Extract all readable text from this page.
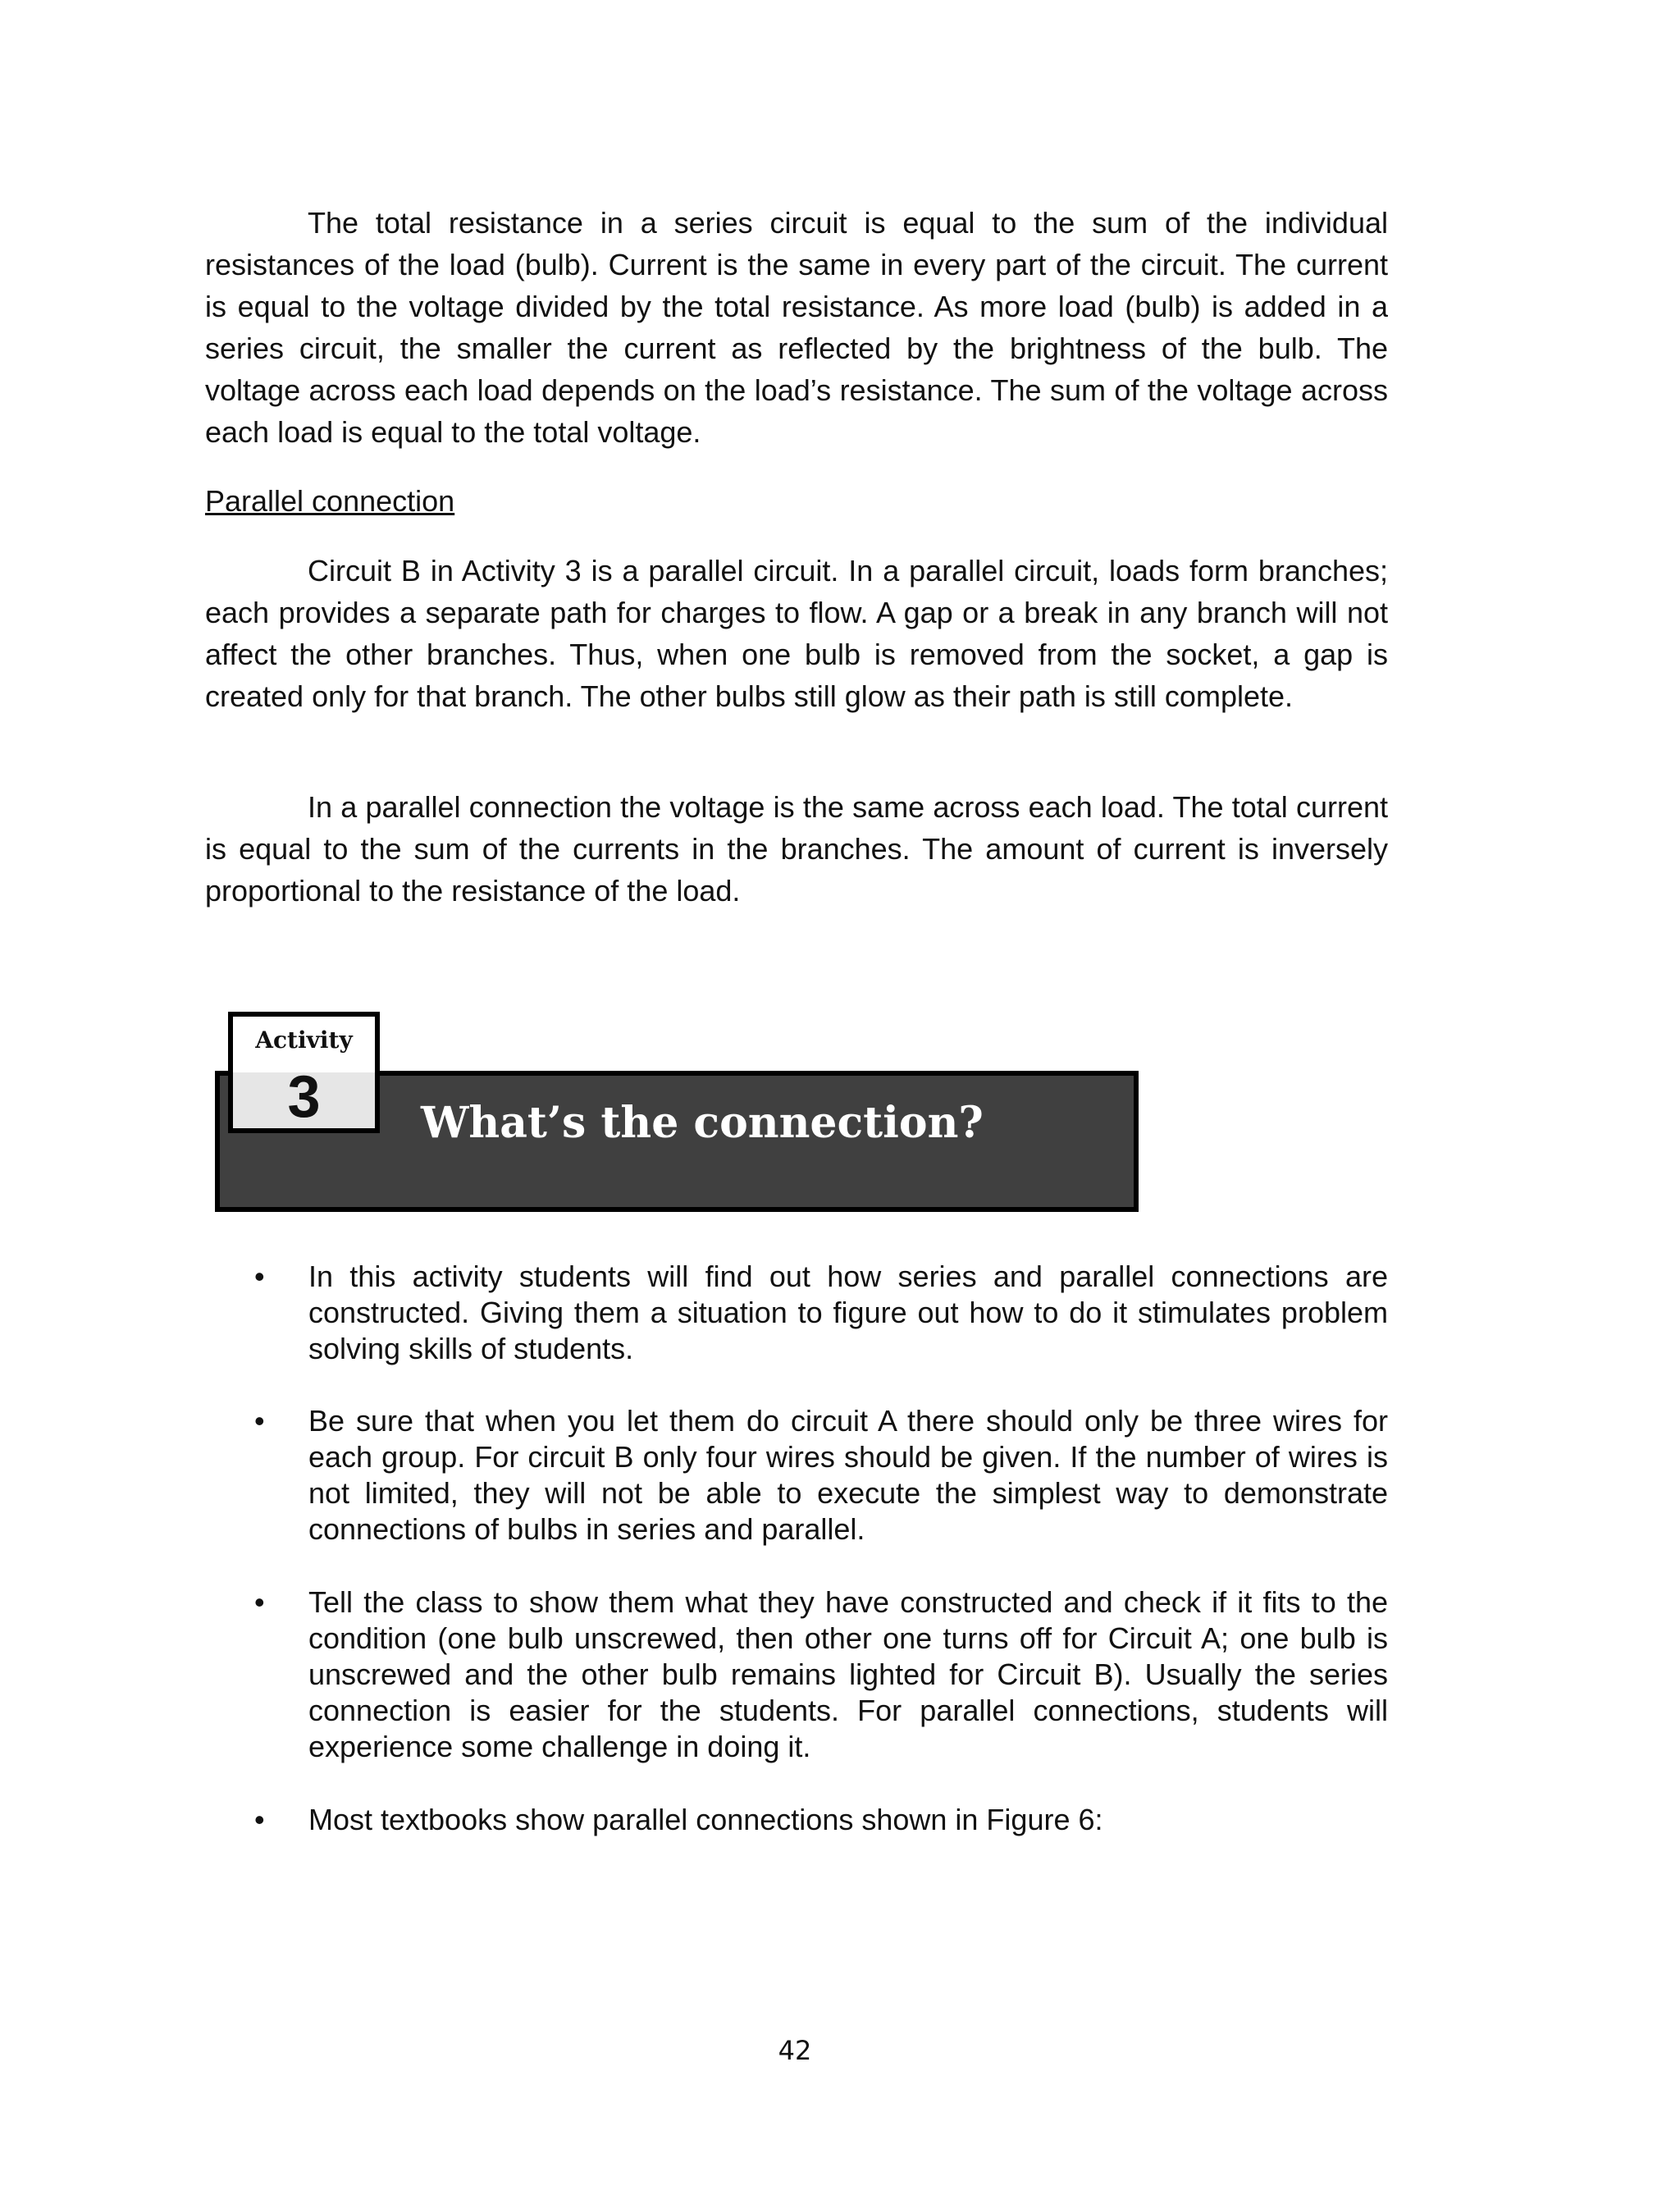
The total resistance in a series circuit is equal to the sum of the individual resistances of the load (bulb). Current is the same in every part of the circuit. The current is equal to the voltage divided by the total resistance. As more load (bulb) is added in a series circuit, the smaller the current as reflected by the brightness of the bulb. The voltage across each load depends on the load’s resistance. The sum of the voltage across each load is equal to the total voltage.

Parallel connection

Circuit B in Activity 3 is a parallel circuit. In a parallel circuit, loads form branches; each provides a separate path for charges to flow. A gap or a break in any branch will not affect the other branches. Thus, when one bulb is removed from the socket, a gap is created only for that branch. The other bulbs still glow as their path is still complete.

In a parallel connection the voltage is the same across each load. The total current is equal to the sum of the currents in the branches. The amount of current is inversely proportional to the resistance of the load.

What’s the connection?
Activity
3
• In this activity students will find out how series and parallel connections are constructed. Giving them a situation to figure out how to do it stimulates problem solving skills of students.
• Be sure that when you let them do circuit A there should only be three wires for each group. For circuit B only four wires should be given. If the number of wires is not limited, they will not be able to execute the simplest way to demonstrate connections of bulbs in series and parallel.
• Tell the class to show them what they have constructed and check if it fits to the condition (one bulb unscrewed, then other one turns off for Circuit A; one bulb is unscrewed and the other bulb remains lighted for Circuit B). Usually the series connection is easier for the students. For parallel connections, students will experience some challenge in doing it.
• Most textbooks show parallel connections shown in Figure 6:
42
